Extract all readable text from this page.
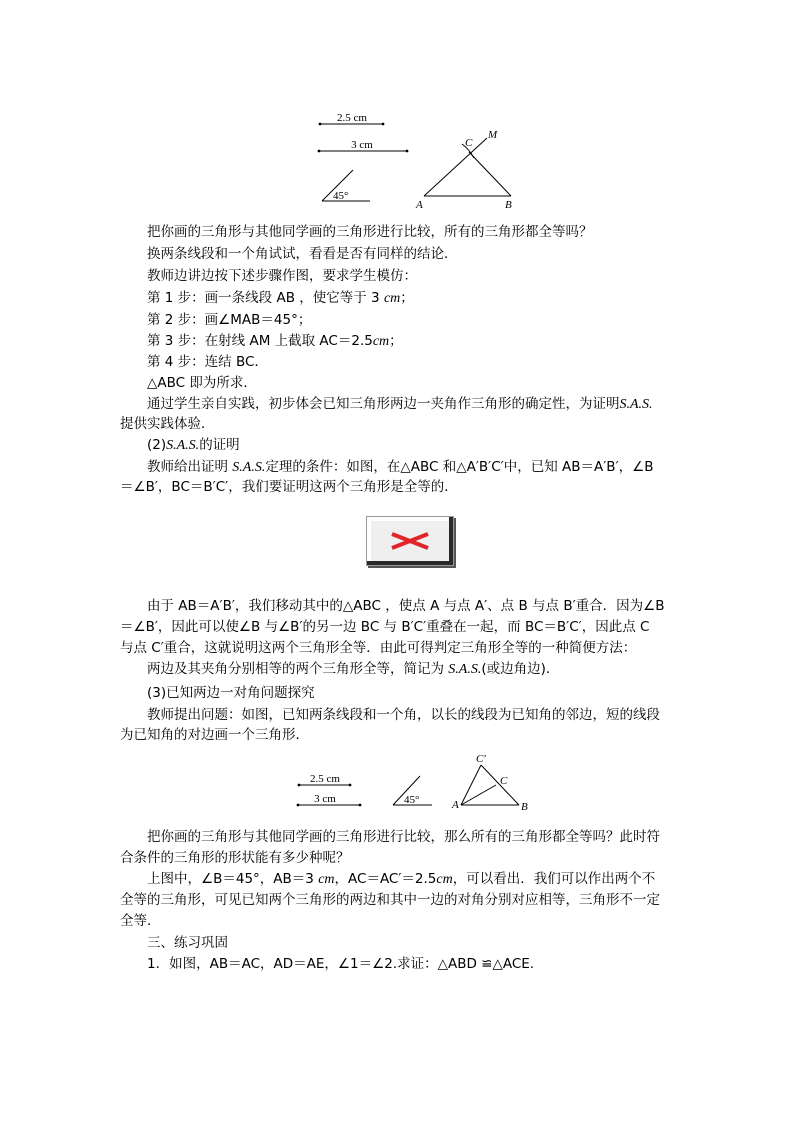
2.5 cm
3 cm
45°
C
M
A	B
把你画的三角形与其他同学画的三角形进行比较，所有的三角形都全等吗？
换两条线段和一个角试试，看看是否有同样的结论．
教师边讲边按下述步骤作图，要求学生模仿：
第 1 步：画一条线段 AB ，使它等于 3 cm；
第 2 步：画∠MAB＝45°；
第 3 步：在射线 AM 上截取 AC＝2.5cm；
第 4 步：连结 BC.
△ABC 即为所求．
通过学生亲自实践，初步体会已知三角形两边一夹角作三角形的确定性，为证明S.A.S.
提供实践体验．
(2)S.A.S.的证明
教师给出证明 S.A.S.定理的条件：如图，在△ABC 和△A′B′C′中，已知 AB＝A′B′，∠B
＝∠B′，BC＝B′C′，我们要证明这两个三角形是全等的．
由于 AB＝A′B′，我们移动其中的△ABC ，使点 A 与点 A′、点 B 与点 B′重合．因为∠B
＝∠B′，因此可以使∠B 与∠B′的另一边 BC 与 B′C′重叠在一起，而 BC＝B′C′，因此点 C
与点 C′重合，这就说明这两个三角形全等．由此可得判定三角形全等的一种简便方法：
两边及其夹角分别相等的两个三角形全等，简记为 S.A.S.(或边角边)．
(3)已知两边一对角问题探究
教师提出问题：如图，已知两条线段和一个角，以长的线段为已知角的邻边，短的线段
为已知角的对边画一个三角形．
2.5 cm
3 cm	45°
C′
C
A	B
把你画的三角形与其他同学画的三角形进行比较，那么所有的三角形都全等吗？此时符
合条件的三角形的形状能有多少种呢？
上图中，∠B＝45°，AB＝3 cm，AC＝AC′＝2.5cm，可以看出．我们可以作出两个不
全等的三角形，可见已知两个三角形的两边和其中一边的对角分别对应相等，三角形不一定
全等．
三、练习巩固
1．如图，AB＝AC，AD＝AE，∠1＝∠2.求证：△ABD ≌△ACE.
